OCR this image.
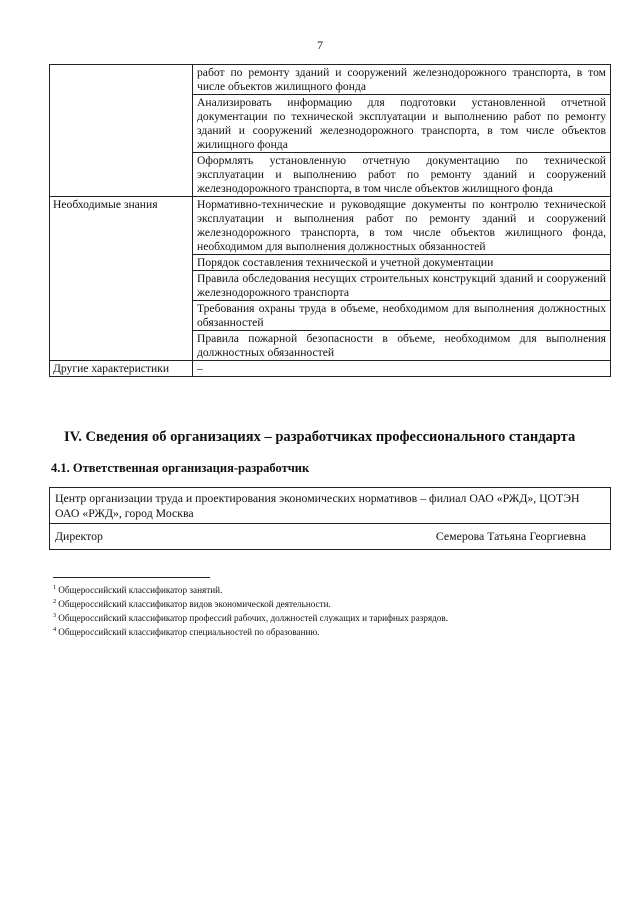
7
	работ по ремонту зданий и сооружений железнодорожного транспорта, в том числе объектов жилищного фонда
	Анализировать информацию для подготовки установленной отчетной документации по технической эксплуатации и выполнению работ по ремонту зданий и сооружений железнодорожного транспорта, в том числе объектов жилищного фонда
	Оформлять установленную отчетную документацию по технической эксплуатации и выполнению работ по ремонту зданий и сооружений железнодорожного транспорта, в том числе объектов жилищного фонда
Необходимые знания	Нормативно-технические и руководящие документы по контролю технической эксплуатации и выполнения работ по ремонту зданий и сооружений железнодорожного транспорта, в том числе объектов жилищного фонда, необходимом для выполнения должностных обязанностей
	Порядок составления технической и учетной документации
	Правила обследования несущих строительных конструкций зданий и сооружений железнодорожного транспорта
	Требования охраны труда в объеме, необходимом для выполнения должностных обязанностей
	Правила пожарной безопасности в объеме, необходимом для выполнения должностных обязанностей
Другие характеристики	–
IV. Сведения об организациях – разработчиках профессионального стандарта
4.1. Ответственная организация-разработчик
Центр организации труда и проектирования экономических нормативов – филиал ОАО «РЖД», ЦОТЭН ОАО «РЖД», город Москва
Директор	Семерова Татьяна Георгиевна
$^1$ Общероссийский классификатор занятий.
$^2$ Общероссийский классификатор видов экономической деятельности.
$^3$ Общероссийский классификатор профессий рабочих, должностей служащих и тарифных разрядов.
$^4$ Общероссийский классификатор специальностей по образованию.
